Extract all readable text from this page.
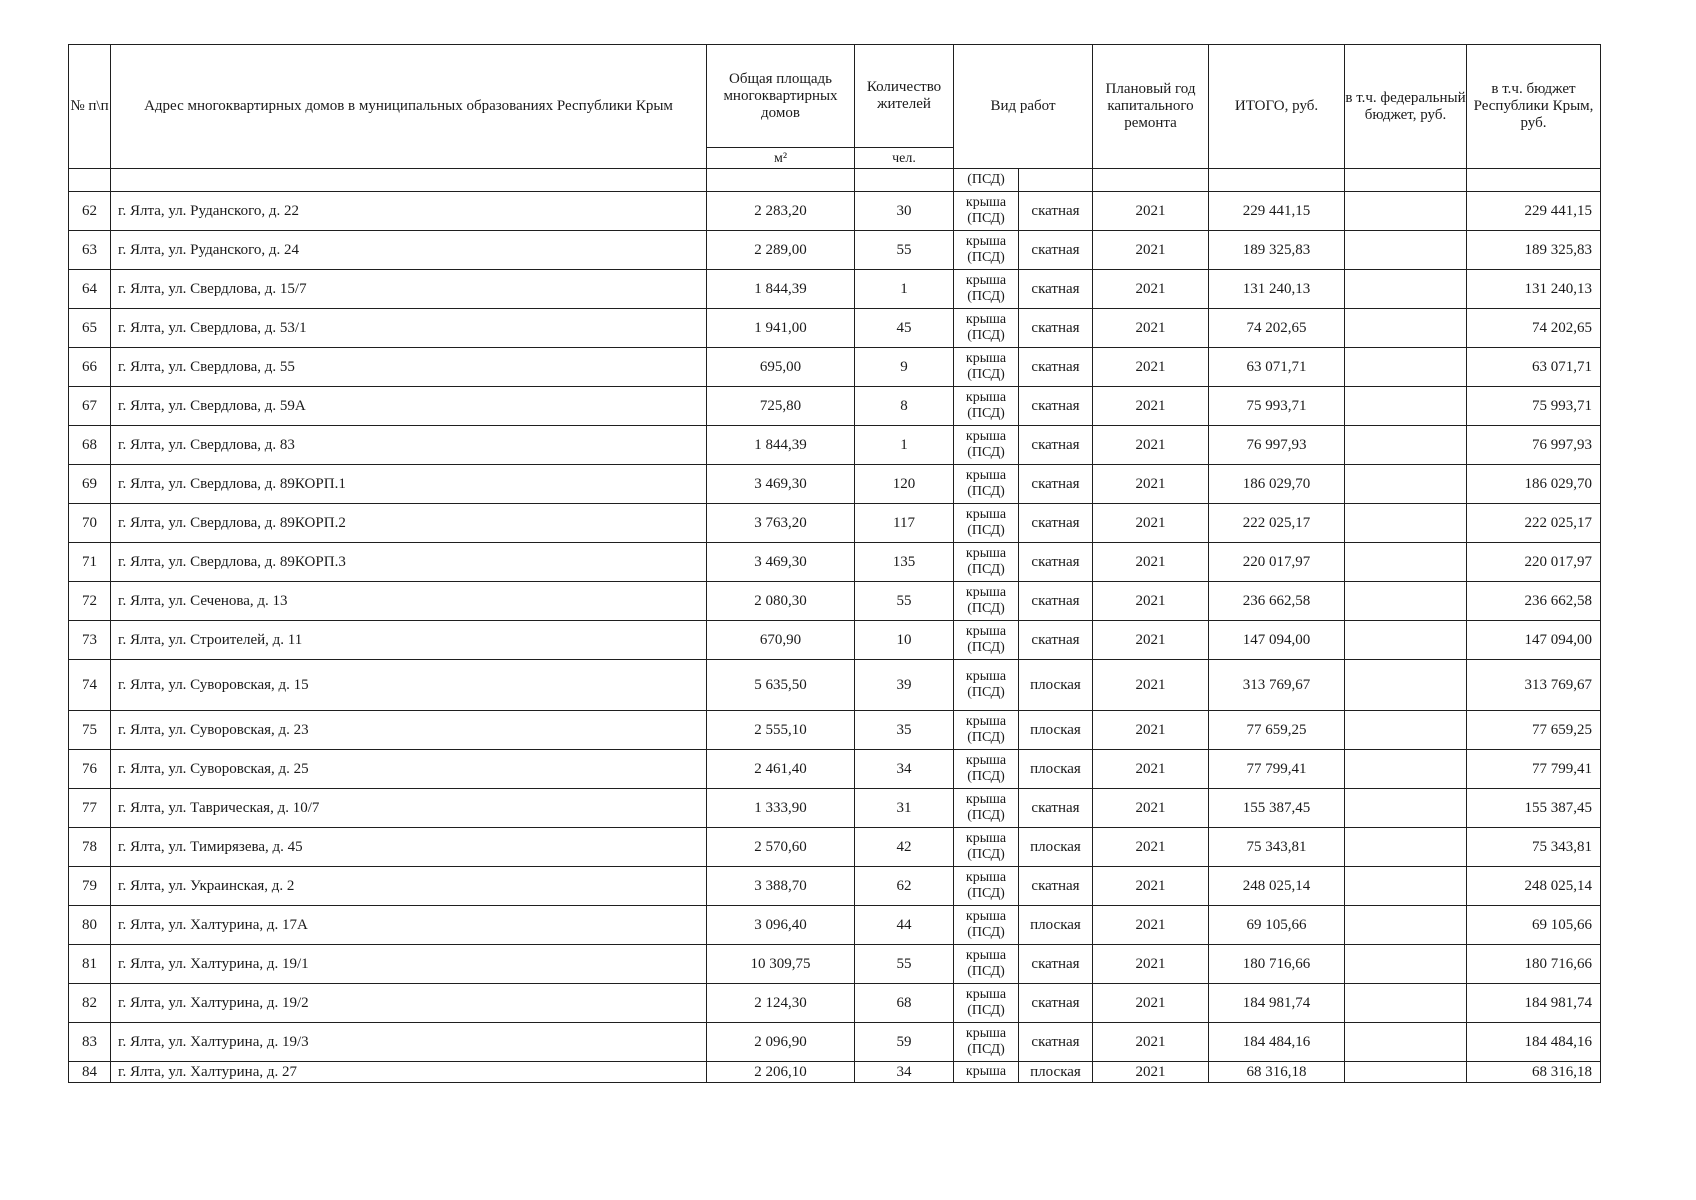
№ п\п	Адрес многоквартирных домов в муниципальных образованиях Республики Крым	Общая площадь многоквартирных домов	Количество жителей	Вид работ		Плановый год капитального ремонта	ИТОГО, руб.	в т.ч. федеральный бюджет, руб.	в т.ч. бюджет Республики Крым, руб.
		м²	чел.						
				(ПСД)					
62	г. Ялта, ул. Руданского, д. 22	2 283,20	30	крыша (ПСД)	скатная	2021	229 441,15		229 441,15
63	г. Ялта, ул. Руданского, д. 24	2 289,00	55	крыша (ПСД)	скатная	2021	189 325,83		189 325,83
64	г. Ялта, ул. Свердлова, д. 15/7	1 844,39	1	крыша (ПСД)	скатная	2021	131 240,13		131 240,13
65	г. Ялта, ул. Свердлова, д. 53/1	1 941,00	45	крыша (ПСД)	скатная	2021	74 202,65		74 202,65
66	г. Ялта, ул. Свердлова, д. 55	695,00	9	крыша (ПСД)	скатная	2021	63 071,71		63 071,71
67	г. Ялта, ул. Свердлова, д. 59А	725,80	8	крыша (ПСД)	скатная	2021	75 993,71		75 993,71
68	г. Ялта, ул. Свердлова, д. 83	1 844,39	1	крыша (ПСД)	скатная	2021	76 997,93		76 997,93
69	г. Ялта, ул. Свердлова, д. 89КОРП.1	3 469,30	120	крыша (ПСД)	скатная	2021	186 029,70		186 029,70
70	г. Ялта, ул. Свердлова, д. 89КОРП.2	3 763,20	117	крыша (ПСД)	скатная	2021	222 025,17		222 025,17
71	г. Ялта, ул. Свердлова, д. 89КОРП.3	3 469,30	135	крыша (ПСД)	скатная	2021	220 017,97		220 017,97
72	г. Ялта, ул. Сеченова, д. 13	2 080,30	55	крыша (ПСД)	скатная	2021	236 662,58		236 662,58
73	г. Ялта, ул. Строителей, д. 11	670,90	10	крыша (ПСД)	скатная	2021	147 094,00		147 094,00
74	г. Ялта, ул. Суворовская, д. 15	5 635,50	39	крыша (ПСД)	плоская	2021	313 769,67		313 769,67
75	г. Ялта, ул. Суворовская, д. 23	2 555,10	35	крыша (ПСД)	плоская	2021	77 659,25		77 659,25
76	г. Ялта, ул. Суворовская, д. 25	2 461,40	34	крыша (ПСД)	плоская	2021	77 799,41		77 799,41
77	г. Ялта, ул. Таврическая, д. 10/7	1 333,90	31	крыша (ПСД)	скатная	2021	155 387,45		155 387,45
78	г. Ялта, ул. Тимирязева, д. 45	2 570,60	42	крыша (ПСД)	плоская	2021	75 343,81		75 343,81
79	г. Ялта, ул. Украинская, д. 2	3 388,70	62	крыша (ПСД)	скатная	2021	248 025,14		248 025,14
80	г. Ялта, ул. Халтурина, д. 17А	3 096,40	44	крыша (ПСД)	плоская	2021	69 105,66		69 105,66
81	г. Ялта, ул. Халтурина, д. 19/1	10 309,75	55	крыша (ПСД)	скатная	2021	180 716,66		180 716,66
82	г. Ялта, ул. Халтурина, д. 19/2	2 124,30	68	крыша (ПСД)	скатная	2021	184 981,74		184 981,74
83	г. Ялта, ул. Халтурина, д. 19/3	2 096,90	59	крыша (ПСД)	скатная	2021	184 484,16		184 484,16
84	г. Ялта, ул. Халтурина, д. 27	2 206,10	34	крыша	плоская	2021	68 316,18		68 316,18
